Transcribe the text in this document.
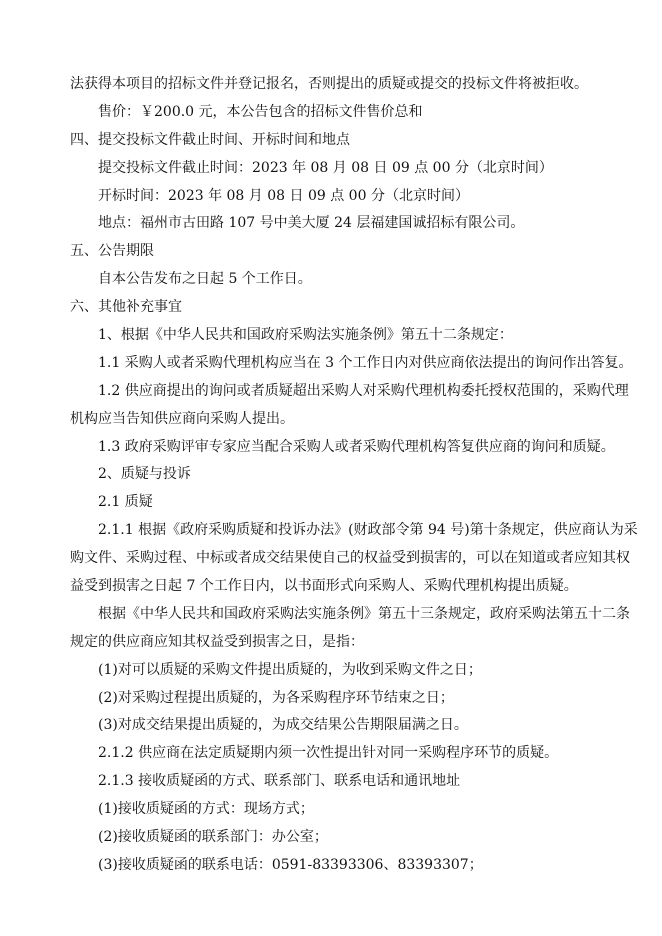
法获得本项目的招标文件并登记报名，否则提出的质疑或提交的投标文件将被拒收。
售价：￥200.0 元，本公告包含的招标文件售价总和
四、提交投标文件截止时间、开标时间和地点
提交投标文件截止时间：2023 年 08 月 08 日 09 点 00 分（北京时间）
开标时间：2023 年 08 月 08 日 09 点 00 分（北京时间）
地点：福州市古田路 107 号中美大厦 24 层福建国诚招标有限公司。
五、公告期限
自本公告发布之日起 5 个工作日。
六、其他补充事宜
1、根据《中华人民共和国政府采购法实施条例》第五十二条规定：
1.1 采购人或者采购代理机构应当在 3 个工作日内对供应商依法提出的询问作出答复。
1.2 供应商提出的询问或者质疑超出采购人对采购代理机构委托授权范围的，采购代理
机构应当告知供应商向采购人提出。
1.3 政府采购评审专家应当配合采购人或者采购代理机构答复供应商的询问和质疑。
2、质疑与投诉
2.1 质疑
2.1.1 根据《政府采购质疑和投诉办法》(财政部令第 94 号)第十条规定，供应商认为采
购文件、采购过程、中标或者成交结果使自己的权益受到损害的，可以在知道或者应知其权
益受到损害之日起 7 个工作日内，以书面形式向采购人、采购代理机构提出质疑。
根据《中华人民共和国政府采购法实施条例》第五十三条规定，政府采购法第五十二条
规定的供应商应知其权益受到损害之日，是指：
(1)对可以质疑的采购文件提出质疑的，为收到采购文件之日；
(2)对采购过程提出质疑的，为各采购程序环节结束之日；
(3)对成交结果提出质疑的，为成交结果公告期限届满之日。
2.1.2 供应商在法定质疑期内须一次性提出针对同一采购程序环节的质疑。
2.1.3 接收质疑函的方式、联系部门、联系电话和通讯地址
(1)接收质疑函的方式：现场方式；
(2)接收质疑函的联系部门：办公室；
(3)接收质疑函的联系电话：0591-83393306、83393307；
